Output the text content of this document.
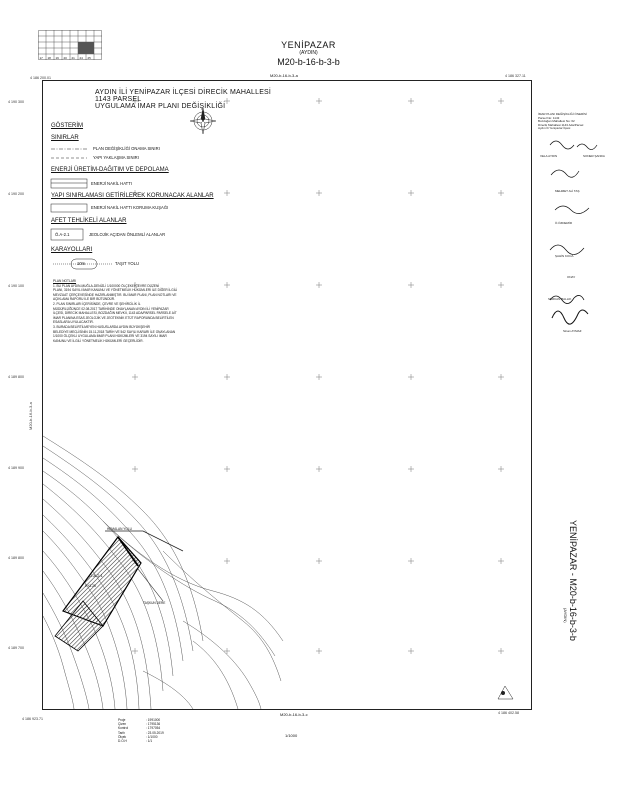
YENİPAZAR
(AYDIN)
M20-b-16-b-3-b
17 18 19 20 21 24 25
M20-b-16-b-3-a
M20-b-16-b-3-c
1/1000
4 186 200.01	4 186 327.11
4 190 300
4 190 200
4 190 100
4 189 800
4 189 900
4 189 800
4 189 700
4 186 923.71
4 186 402.58
M20-b-16-b-3-a
AYDIN İLİ YENİPAZAR İLÇESİ DİRECİK MAHALLESİ
1143 PARSEL
UYGULAMA İMAR PLANI DEĞİŞİKLİĞİ
GÖSTERİM
SINIRLAR
PLAN DEĞİŞİKLİĞİ ONAMA SINIRI
YAPI YAKLAŞMA SINIRI
ENERJİ ÜRETİM-DAĞITIM VE DEPOLAMA
ENERJİ NAKİL HATTI
YAPI SINIRLAMASI GETİRİLEREK KORUNACAK ALANLAR
ENERJİ NAKİL HATTI KORUMA KUŞAĞI
AFET TEHLİKELİ ALANLAR
Ö.A-2.1	JEOLOJİK AÇIDAN ÖNLEMLİ ALANLAR
KARAYOLLARI
10m	TAŞIT YOLU
PLAN NOTLARI
1. BU PLAN AYDIN-MUĞLA-DENİZLİ 1/100000 ÖLÇEKLİ ÇEVRE DÜZENİ
PLANI, 3194 SAYILI İMAR KANUNU VE YÖNETMELİK HÜKÜMLERİ İLE DİĞER İLGİLİ
MEVZUAT ÇERÇEVESİNDE HAZIRLANMIŞTIR. BU İMAR PLANI, PLAN NOTLARI VE
AÇIKLAMA RAPORU İLE BİR BÜTÜNDÜR.
2. PLAN SINIRLARI İÇERİSİNDE, ÇEVRE VE ŞEHİRCİLİK İL
MÜDÜRLÜĞÜNCE 02.08.2017 TARİHİNDE ONAYLANAN AYDIN İLİ YENİPAZAR
İLÇESİ, DİRECİK MAHALLESİ, BOZDAĞIN MEVKİİ, 1143 ADA/PARSEL PARSELE AİT
İMAR PLANINA ESAS JEOLOJİK VE JEOTEKNİK ETÜT RAPORUNDA BELİRTİLEN
ESASLARA UYULACAKTIR.
3. BURADA BELİRTİLMEYEN HUSUSLARDA AYDIN BÜYÜKŞEHİR
BELEDİYE MECLİSİNİN 15.11.2018 TARİH VE 542 SAYILI KARARI İLE ONAYLANAN
1/1000 ÖLÇEKLİ UYGULAMA İMAR PLANI HÜKÜMLERİ VE 3194 SAYILI İMAR
KANUNU VE İLGİLİ YÖNETMELİK HÜKÜMLERİ GEÇERLİDİR.
HEMALAN YOLU
Ö.A-2.1
E+3.25
TAŞKUN DERE
Proje	: 1991000
Çizen	: 1795136
Kontrol	: 1797054
Tarih	: 23.05.2019
Ölçek	: 1/1000
D.O.H	: 1/1
İMAR PLANI DEĞİŞİKLİĞİ ÖNERİSİ
Parsel No: 1143
Bozdoğan Mahallesi No: 62
Direcik Mahallesi 1143 Ada/Parsel
Aydın İli Yenipazar İlçesi
VELA AYDIN	SONER ŞANDA
MEHMET ALİ TAŞ
Ö.ÖZDEMİR
ŞAHİN KOCA
ONAY
SERKAN BALLIK
Sinan AYMAZ
YENİPAZAR - M20-b-16-b-3-b
(AYDIN)
